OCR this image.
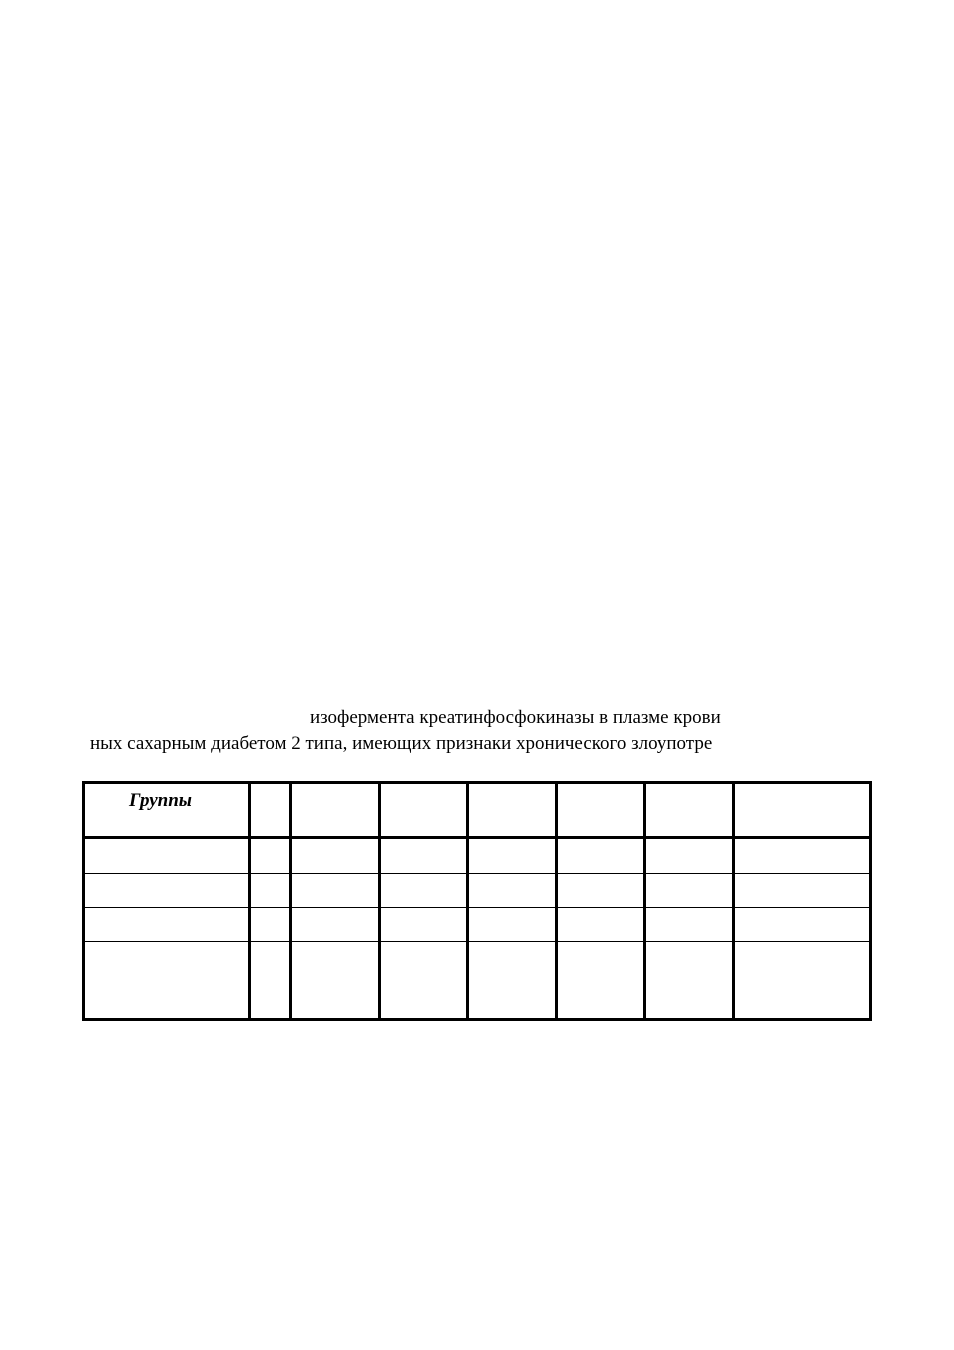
изофермента креатинфосфокиназы в плазме крови
ных сахарным диабетом 2 типа, имеющих признаки хронического злоупотре
Группы							
